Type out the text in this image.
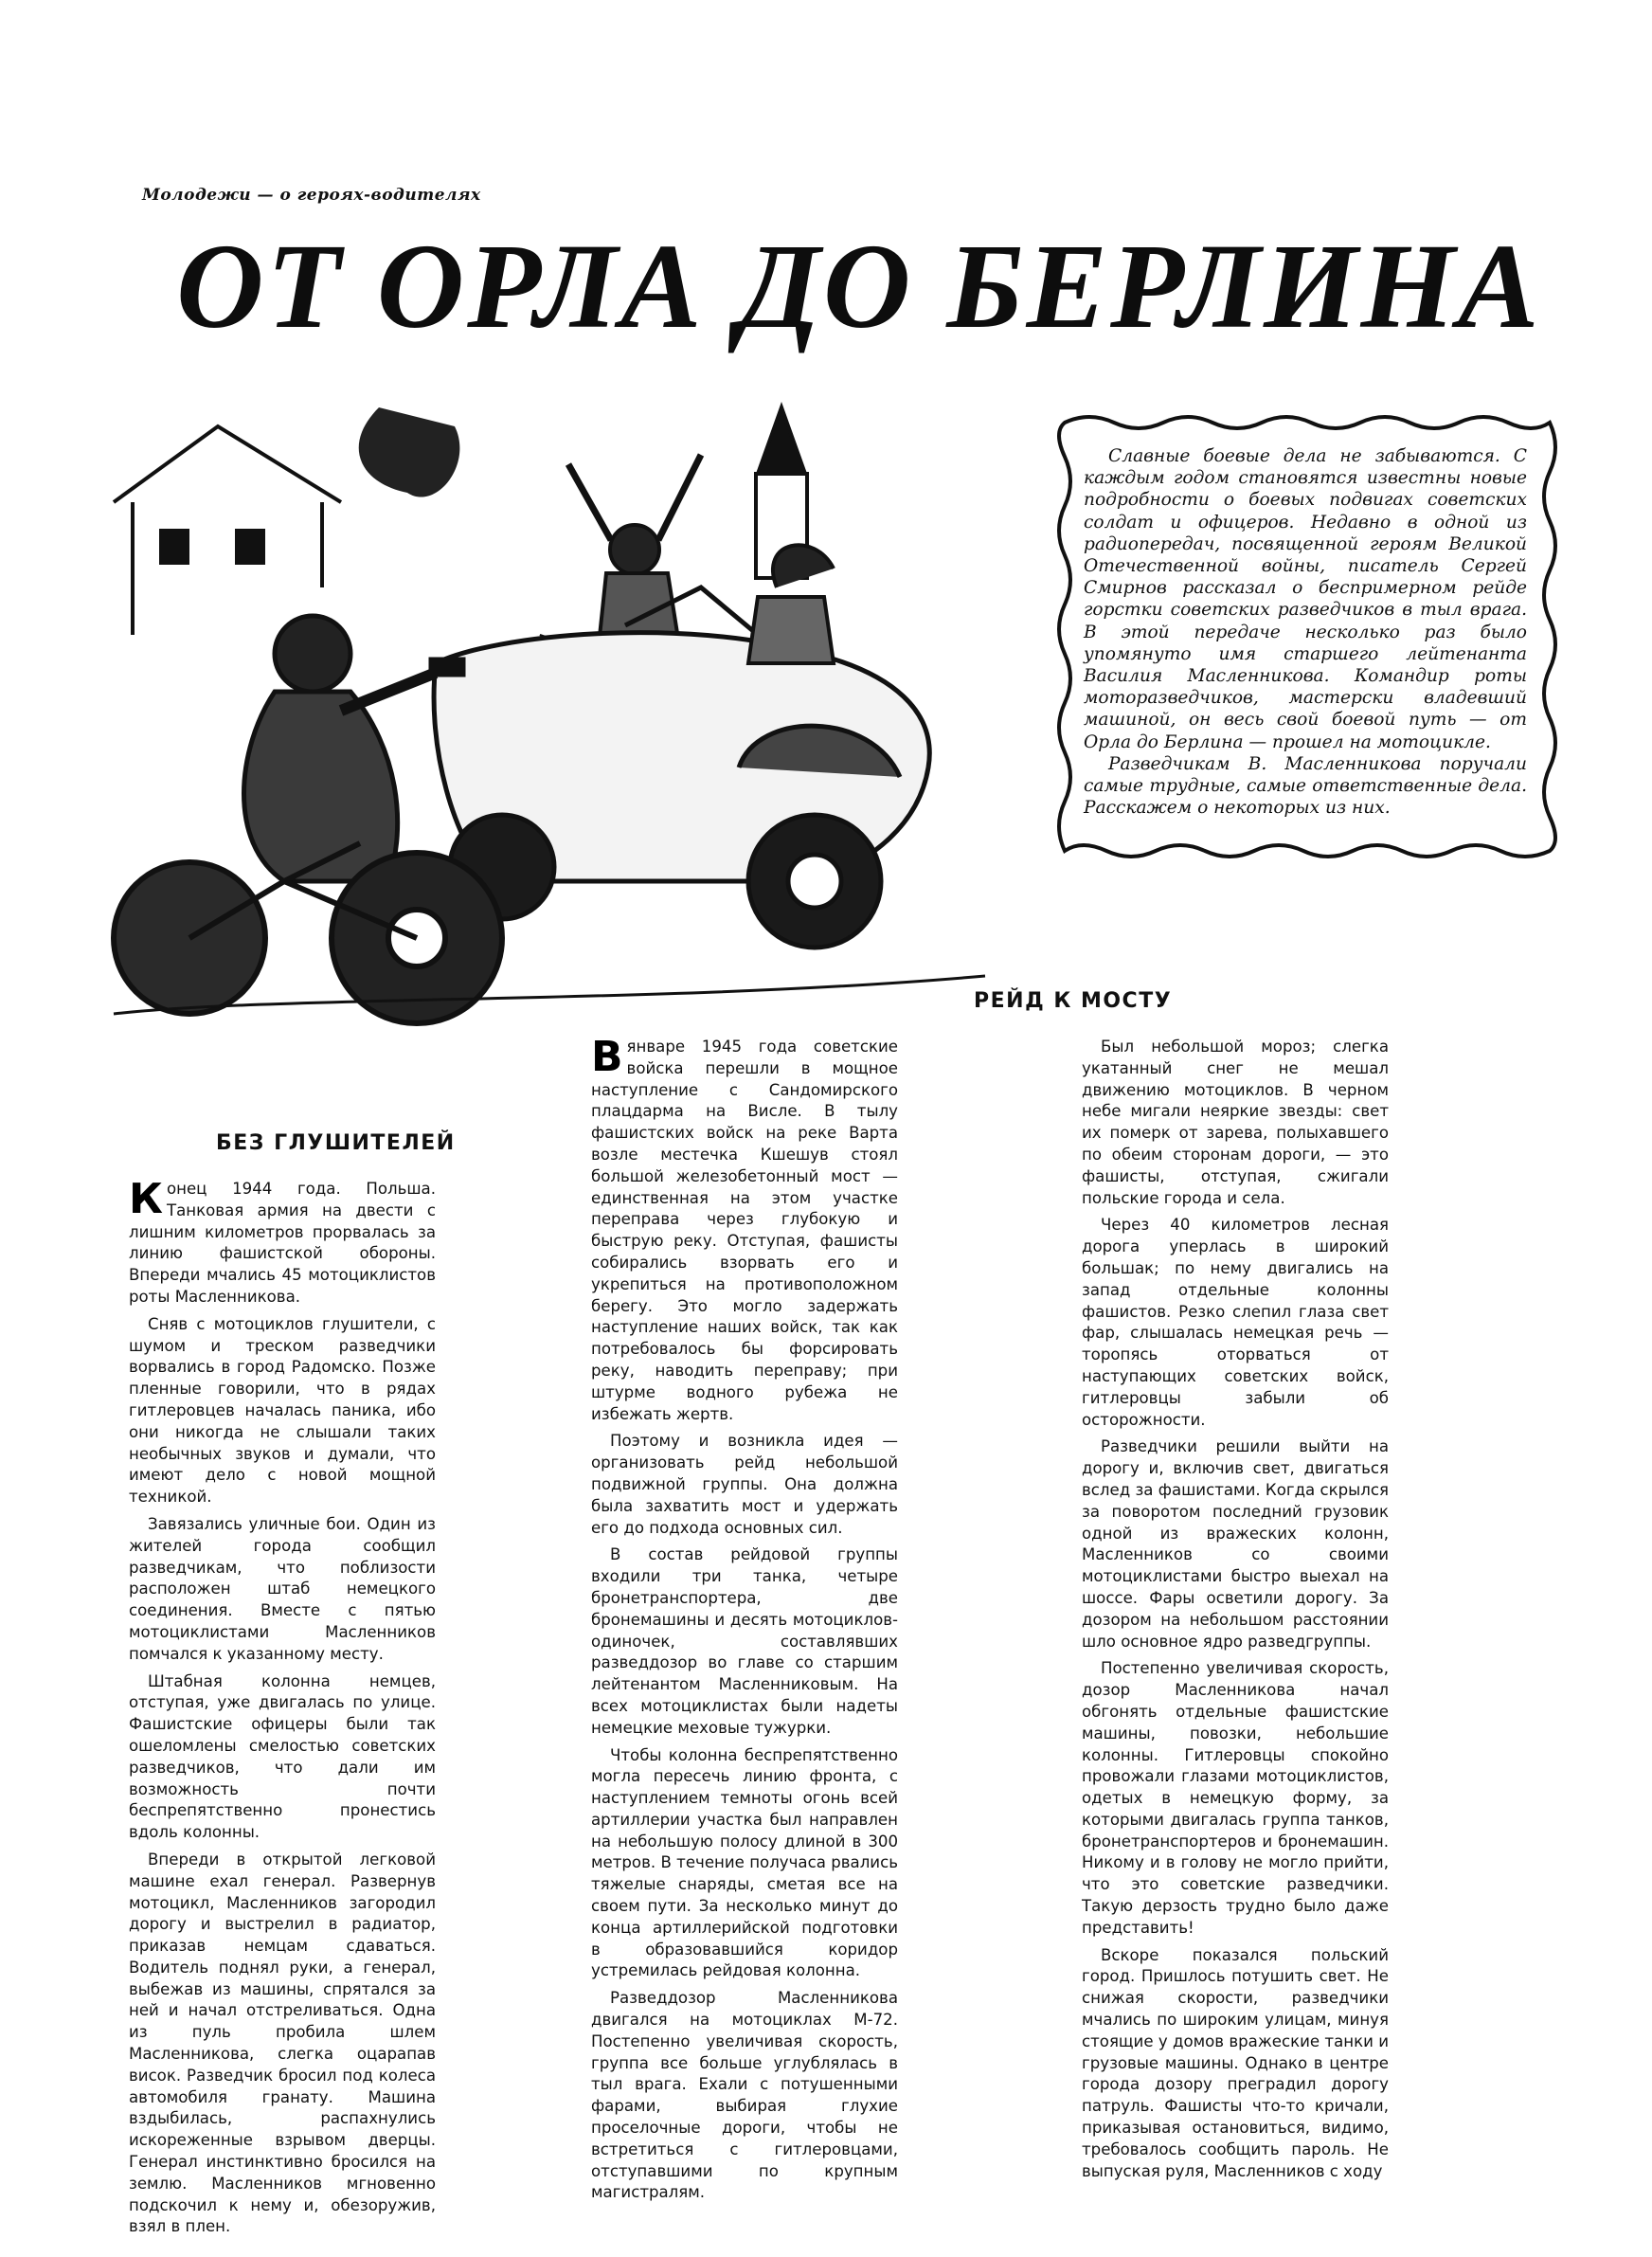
Молодежи — о героях-водителях
ОТ ОРЛА ДО БЕРЛИНА

Славные боевые дела не забываются. С каждым годом становятся известны новые подробности о боевых подвигах советских солдат и офицеров. Недавно в одной из радиопередач, посвященной героям Великой Отечественной войны, писатель Сергей Смирнов рассказал о беспримерном рейде горстки советских разведчиков в тыл врага. В этой передаче несколько раз было упомянуто имя старшего лейтенанта Василия Масленникова. Командир роты моторазведчиков, мастерски владевший машиной, он весь свой боевой путь — от Орла до Берлина — прошел на мотоцикле.

Разведчикам В. Масленникова поручали самые трудные, самые ответственные дела. Расскажем о некоторых из них.

БЕЗ ГЛУШИТЕЛЕЙ
РЕЙД К МОСТУ

Конец 1944 года. Польша. Танковая армия на двести с лишним километров прорвалась за линию фашистской обороны. Впереди мчались 45 мотоциклистов роты Масленникова.

Сняв с мотоциклов глушители, с шумом и треском разведчики ворвались в город Радомско. Позже пленные говорили, что в рядах гитлеровцев началась паника, ибо они никогда не слышали таких необычных звуков и думали, что имеют дело с новой мощной техникой.

Завязались уличные бои. Один из жителей города сообщил разведчикам, что поблизости расположен штаб немецкого соединения. Вместе с пятью мотоциклистами Масленников помчался к указанному месту.

Штабная колонна немцев, отступая, уже двигалась по улице. Фашистские офицеры были так ошеломлены смелостью советских разведчиков, что дали им возможность почти беспрепятственно пронестись вдоль колонны.

Впереди в открытой легковой машине ехал генерал. Развернув мотоцикл, Масленников загородил дорогу и выстрелил в радиатор, приказав немцам сдаваться. Водитель поднял руки, а генерал, выбежав из машины, спрятался за ней и начал отстреливаться. Одна из пуль пробила шлем Масленникова, слегка оцарапав висок. Разведчик бросил под колеса автомобиля гранату. Машина вздыбилась, распахнулись искореженные взрывом дверцы. Генерал инстинктивно бросился на землю. Масленников мгновенно подскочил к нему и, обезоружив, взял в плен.

Вянваре 1945 года советские войска перешли в мощное наступление с Сандомирского плацдарма на Висле. В тылу фашистских войск на реке Варта возле местечка Кшешув стоял большой железобетонный мост — единственная на этом участке переправа через глубокую и быструю реку. Отступая, фашисты собирались взорвать его и укрепиться на противоположном берегу. Это могло задержать наступление наших войск, так как потребовалось бы форсировать реку, наводить переправу; при штурме водного рубежа не избежать жертв.

Поэтому и возникла идея — организовать рейд небольшой подвижной группы. Она должна была захватить мост и удержать его до подхода основных сил.

В состав рейдовой группы входили три танка, четыре бронетранспортера, две бронемашины и десять мотоциклов-одиночек, составлявших разведдозор во главе со старшим лейтенантом Масленниковым. На всех мотоциклистах были надеты немецкие меховые тужурки.

Чтобы колонна беспрепятственно могла пересечь линию фронта, с наступлением темноты огонь всей артиллерии участка был направлен на небольшую полосу длиной в 300 метров. В течение получаса рвались тяжелые снаряды, сметая все на своем пути. За несколько минут до конца артиллерийской подготовки в образовавшийся коридор устремилась рейдовая колонна.

Разведдозор Масленникова двигался на мотоциклах М-72. Постепенно увеличивая скорость, группа все больше углублялась в тыл врага. Ехали с потушенными фарами, выбирая глухие проселочные дороги, чтобы не встретиться с гитлеровцами, отступавшими по крупным магистралям.

Был небольшой мороз; слегка укатанный снег не мешал движению мотоциклов. В черном небе мигали неяркие звезды: свет их померк от зарева, полыхавшего по обеим сторонам дороги, — это фашисты, отступая, сжигали польские города и села.

Через 40 километров лесная дорога уперлась в широкий большак; по нему двигались на запад отдельные колонны фашистов. Резко слепил глаза свет фар, слышалась немецкая речь — торопясь оторваться от наступающих советских войск, гитлеровцы забыли об осторожности.

Разведчики решили выйти на дорогу и, включив свет, двигаться вслед за фашистами. Когда скрылся за поворотом последний грузовик одной из вражеских колонн, Масленников со своими мотоциклистами быстро выехал на шоссе. Фары осветили дорогу. За дозором на небольшом расстоянии шло основное ядро разведгруппы.

Постепенно увеличивая скорость, дозор Масленникова начал обгонять отдельные фашистские машины, повозки, небольшие колонны. Гитлеровцы спокойно провожали глазами мотоциклистов, одетых в немецкую форму, за которыми двигалась группа танков, бронетранспортеров и бронемашин. Никому и в голову не могло прийти, что это советские разведчики. Такую дерзость трудно было даже представить!

Вскоре показался польский город. Пришлось потушить свет. Не снижая скорости, разведчики мчались по широким улицам, минуя стоящие у домов вражеские танки и грузовые машины. Однако в центре города дозору преградил дорогу патруль. Фашисты что-то кричали, приказывая остановиться, видимо, требовалось сообщить пароль. Не выпуская руля, Масленников с ходу
